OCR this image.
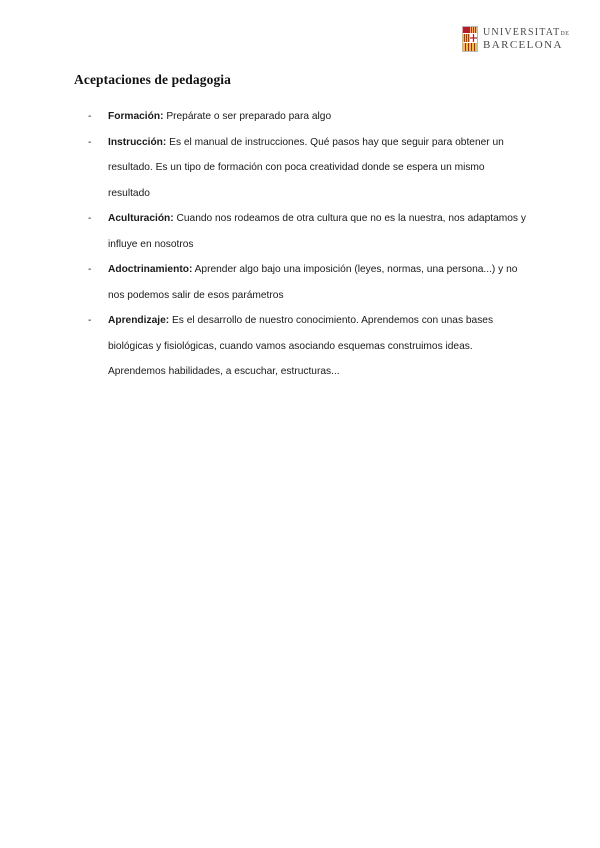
UNIVERSITATDE
BARCELONA
Aceptaciones de pedagogia
- Formación: Prepárate o ser preparado para algo
- Instrucción: Es el manual de instrucciones. Qué pasos hay que seguir para obtener un resultado. Es un tipo de formación con poca creatividad donde se espera un mismo resultado
- Aculturación: Cuando nos rodeamos de otra cultura que no es la nuestra, nos adaptamos y influye en nosotros
- Adoctrinamiento: Aprender algo bajo una imposición (leyes, normas, una persona...) y no nos podemos salir de esos parámetros
- Aprendizaje: Es el desarrollo de nuestro conocimiento. Aprendemos con unas bases biológicas y fisiológicas, cuando vamos asociando esquemas construimos ideas. Aprendemos habilidades, a escuchar, estructuras...
